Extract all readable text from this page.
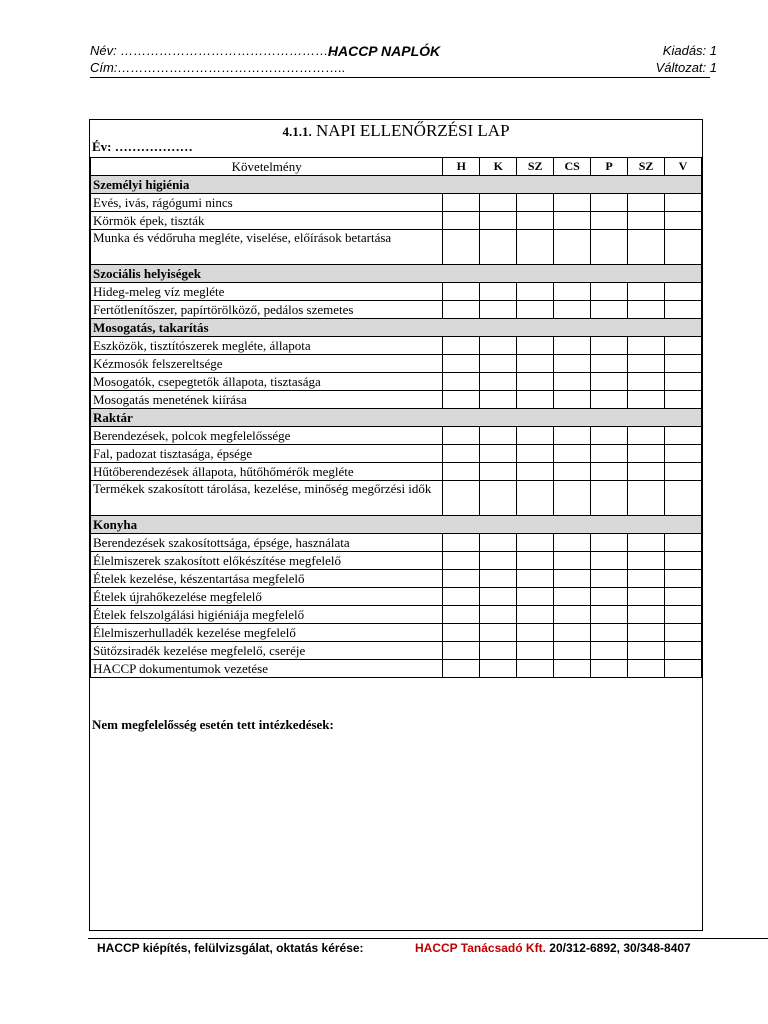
Név: …………………………………………..
Cím:……………………………………………..
HACCP NAPLÓK	Kiadás: 1
Változat: 1
4.1.1. NAPI ELLENŐRZÉSI LAP
Év: ………………
Követelmény	H	K	SZ	CS	P	SZ	V
Személyi higiénia							
Evés, ivás, rágógumi nincs							
Körmök épek, tiszták							
Munka és védőruha megléte, viselése, előírások betartása							
Szociális helyiségek							
Hideg-meleg víz megléte							
Fertőtlenítőszer, papírtörölköző, pedálos szemetes							
Mosogatás, takarítás							
Eszközök, tisztítószerek megléte, állapota							
Kézmosók felszereltsége							
Mosogatók, csepegtetők állapota, tisztasága							
Mosogatás menetének kiírása							
Raktár							
Berendezések, polcok megfelelőssége							
Fal, padozat tisztasága, épsége							
Hűtőberendezések állapota, hűtőhőmérők megléte							
Termékek szakosított tárolása, kezelése, minőség megőrzési idők							
Konyha							
Berendezések szakosítottsága, épsége, használata							
Élelmiszerek szakosított előkészítése megfelelő							
Ételek kezelése, készentartása megfelelő							
Ételek újrahőkezelése megfelelő							
Ételek felszolgálási higiéniája megfelelő							
Élelmiszerhulladék kezelése megfelelő							
Sütőzsiradék kezelése megfelelő, cseréje							
HACCP dokumentumok vezetése							
Nem megfelelősség esetén tett intézkedések:
HACCP kiépítés, felülvizsgálat, oktatás kérése:	HACCP Tanácsadó Kft. 20/312-6892, 30/348-8407
